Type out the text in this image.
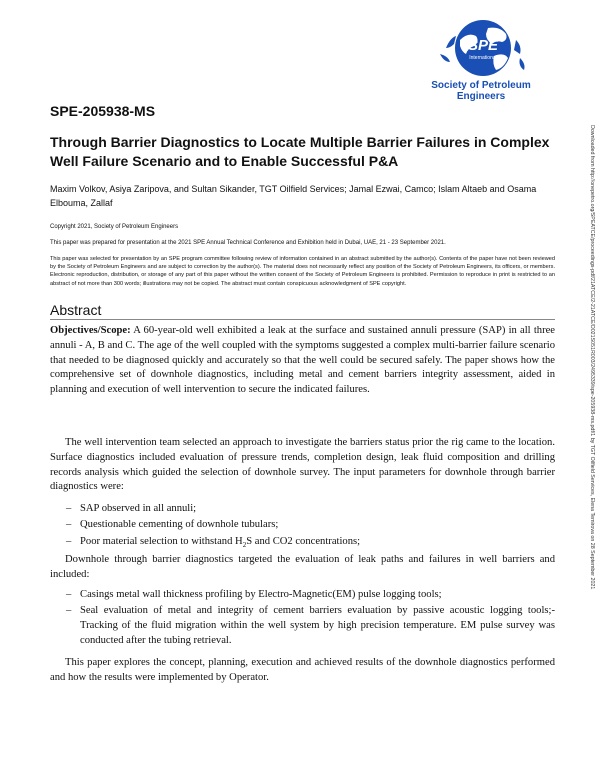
SPE
International
Society of Petroleum Engineers
SPE-205938-MS
Through Barrier Diagnostics to Locate Multiple Barrier Failures in Complex Well Failure Scenario and to Enable Successful P&A
Maxim Volkov, Asiya Zaripova, and Sultan Sikander, TGT Oilfield Services; Jamal Ezwai, Camco; Islam Altaeb and Osama Elbouma, Zallaf
Copyright 2021, Society of Petroleum Engineers
This paper was prepared for presentation at the 2021 SPE Annual Technical Conference and Exhibition held in Dubai, UAE, 21 - 23 September 2021.
This paper was selected for presentation by an SPE program committee following review of information contained in an abstract submitted by the author(s). Contents of the paper have not been reviewed by the Society of Petroleum Engineers and are subject to correction by the author(s). The material does not necessarily reflect any position of the Society of Petroleum Engineers, its officers, or members. Electronic reproduction, distribution, or storage of any part of this paper without the written consent of the Society of Petroleum Engineers is prohibited. Permission to reproduce in print is restricted to an abstract of not more than 300 words; illustrations may not be copied. The abstract must contain conspicuous acknowledgment of SPE copyright.
Abstract
Objectives/Scope: A 60-year-old well exhibited a leak at the surface and sustained annuli pressure (SAP) in all three annuli - A, B and C. The age of the well coupled with the symptoms suggested a complex multi-barrier failure scenario that needed to be diagnosed quickly and accurately so that the well could be secured safely. The paper shows how the comprehensive set of downhole diagnostics, including metal and cement barriers integrity assessment, aided in planning and execution of well intervention to secure the indicated failures.
The well intervention team selected an approach to investigate the barriers status prior the rig came to the location. Surface diagnostics included evaluation of pressure trends, completion design, leak fluid composition and drilling records analysis which guided the selection of downhole survey. The input parameters for downhole through barrier diagnostics were:
– SAP observed in all annuli;
– Questionable cementing of downhole tubulars;
– Poor material selection to withstand $H_2S$ and CO2 concentrations;
Downhole through barrier diagnostics targeted the evaluation of leak paths and failures in well barriers and included:
– Casings metal wall thickness profiling by Electro-Magnetic(EM) pulse logging tools;
– Seal evaluation of metal and integrity of cement barriers evaluation by passive acoustic logging tools;- Tracking of the fluid migration within the well system by high precision temperature. EM pulse survey was conducted after the tubing retrieval.
This paper explores the concept, planning, execution and achieved results of the downhole diagnostics performed and how the results were implemented by Operator.
Downloaded from http://onepetro.org/SPEATCE/proceedings-pdf/21ATCE/2-21ATCE/D021S051R003/2495339/spe-205938-ms.pdf/1 by TGT Oilfield Services, Elena Temirova on 28 September 2021
